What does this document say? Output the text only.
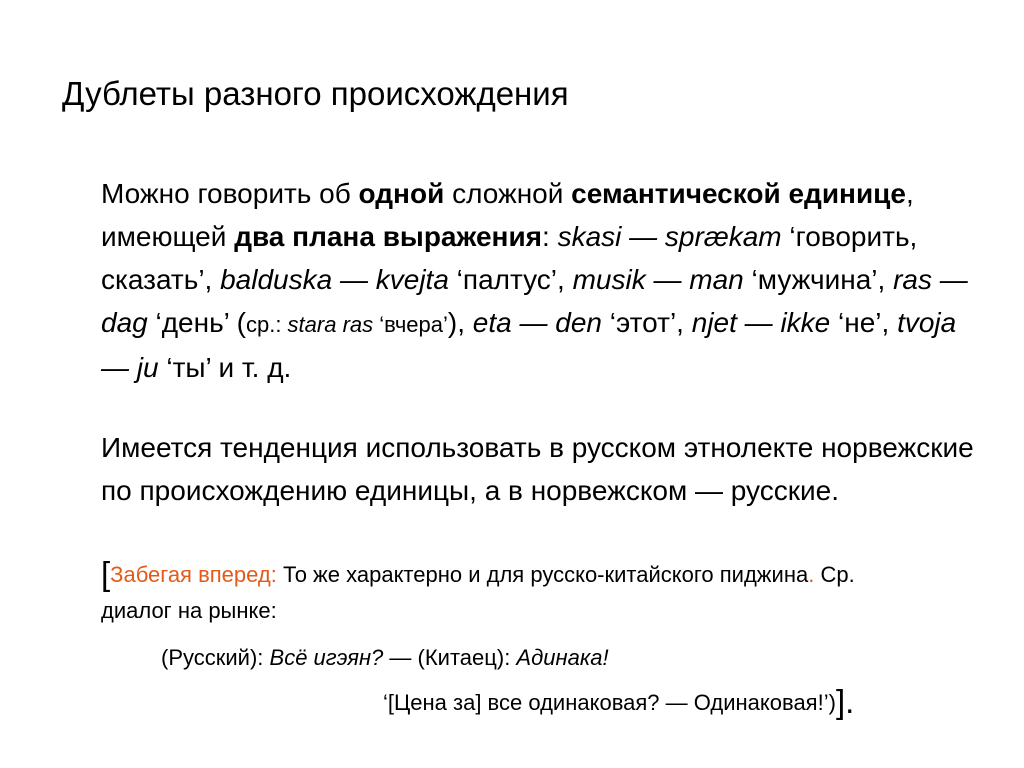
Дублеты разного происхождения
Можно говорить об одной сложной семантической единице, имеющей два плана выражения: skasi — sprækam ‘говорить, сказать’, balduska — kvejta ‘палтус’, musik — man ‘мужчина’, ras — dag ‘день’ (ср.: stara ras ‘вчера’), eta — den ‘этот’, njet — ikke ‘не’, tvoja — ju ‘ты’ и т. д.
Имеется тенденция использовать в русском этнолекте норвежские по происхождению единицы, а в норвежском — русские.
[Забегая вперед: То же характерно и для русско-китайского пиджина. Ср. диалог на рынке:
(Русский): Всё игэян? — (Китаец): Адинака!
‘[Цена за] все одинаковая? — Одинаковая!’)].
